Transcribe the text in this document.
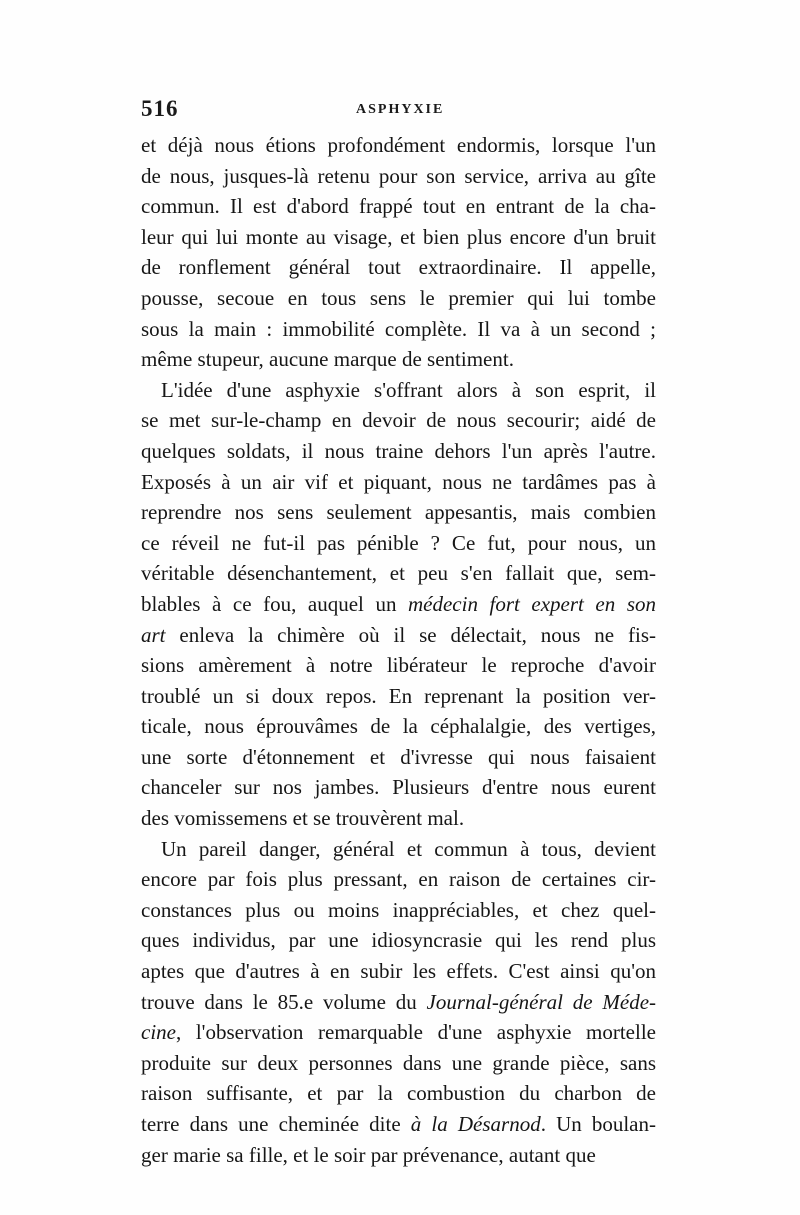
516	ASPHYXIE
et déjà nous étions profondément endormis, lorsque l'un
de nous, jusques-là retenu pour son service, arriva au gîte
commun. Il est d'abord frappé tout en entrant de la cha-
leur qui lui monte au visage, et bien plus encore d'un bruit
de ronflement général tout extraordinaire. Il appelle,
pousse, secoue en tous sens le premier qui lui tombe
sous la main : immobilité complète. Il va à un second ;
même stupeur, aucune marque de sentiment.
L'idée d'une asphyxie s'offrant alors à son esprit, il
se met sur-le-champ en devoir de nous secourir; aidé de
quelques soldats, il nous traine dehors l'un après l'autre.
Exposés à un air vif et piquant, nous ne tardâmes pas à
reprendre nos sens seulement appesantis, mais combien
ce réveil ne fut-il pas pénible ? Ce fut, pour nous, un
véritable désenchantement, et peu s'en fallait que, sem-
blables à ce fou, auquel un médecin fort expert en son
art enleva la chimère où il se délectait, nous ne fis-
sions amèrement à notre libérateur le reproche d'avoir
troublé un si doux repos. En reprenant la position ver-
ticale, nous éprouvâmes de la céphalalgie, des vertiges,
une sorte d'étonnement et d'ivresse qui nous faisaient
chanceler sur nos jambes. Plusieurs d'entre nous eurent
des vomissemens et se trouvèrent mal.
Un pareil danger, général et commun à tous, devient
encore par fois plus pressant, en raison de certaines cir-
constances plus ou moins inappréciables, et chez quel-
ques individus, par une idiosyncrasie qui les rend plus
aptes que d'autres à en subir les effets. C'est ainsi qu'on
trouve dans le 85.e volume du Journal-général de Méde-
cine, l'observation remarquable d'une asphyxie mortelle
produite sur deux personnes dans une grande pièce, sans
raison suffisante, et par la combustion du charbon de
terre dans une cheminée dite à la Désarnod. Un boulan-
ger marie sa fille, et le soir par prévenance, autant que
